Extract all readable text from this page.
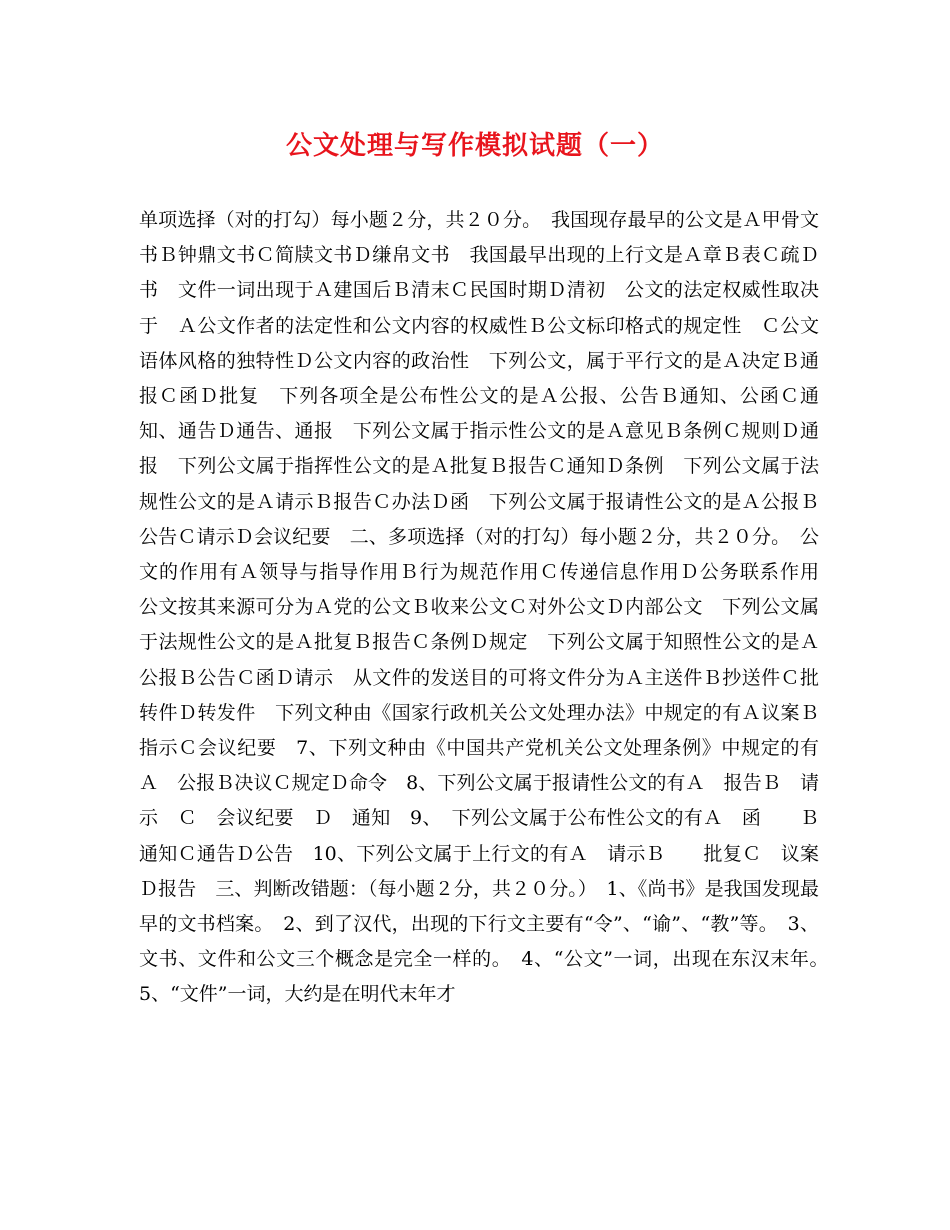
公文处理与写作模拟试题（一）

单项选择（对的打勾）每小题２分，共２０分。　我国现存最早的公文是Ａ甲骨文书Ｂ钟鼎文书Ｃ简牍文书Ｄ缣帛文书　我国最早出现的上行文是Ａ章Ｂ表Ｃ疏Ｄ书　文件一词出现于Ａ建国后Ｂ清末Ｃ民国时期Ｄ清初　公文的法定权威性取决于　Ａ公文作者的法定性和公文内容的权威性Ｂ公文标印格式的规定性　Ｃ公文语体风格的独特性Ｄ公文内容的政治性　下列公文，属于平行文的是Ａ决定Ｂ通报Ｃ函Ｄ批复　下列各项全是公布性公文的是Ａ公报、公告Ｂ通知、公函Ｃ通知、通告Ｄ通告、通报　下列公文属于指示性公文的是Ａ意见Ｂ条例Ｃ规则Ｄ通报　下列公文属于指挥性公文的是Ａ批复Ｂ报告Ｃ通知Ｄ条例　下列公文属于法规性公文的是Ａ请示Ｂ报告Ｃ办法Ｄ函　下列公文属于报请性公文的是Ａ公报Ｂ公告Ｃ请示Ｄ会议纪要　二、多项选择（对的打勾）每小题２分，共２０分。　公文的作用有Ａ领导与指导作用Ｂ行为规范作用Ｃ传递信息作用Ｄ公务联系作用　公文按其来源可分为Ａ党的公文Ｂ收来公文Ｃ对外公文Ｄ内部公文　下列公文属于法规性公文的是Ａ批复Ｂ报告Ｃ条例Ｄ规定　下列公文属于知照性公文的是Ａ公报Ｂ公告Ｃ函Ｄ请示　从文件的发送目的可将文件分为Ａ主送件Ｂ抄送件Ｃ批转件Ｄ转发件　下列文种由《国家行政机关公文处理办法》中规定的有Ａ议案Ｂ指示Ｃ会议纪要　7、下列文种由《中国共产党机关公文处理条例》中规定的有　Ａ　公报Ｂ决议Ｃ规定Ｄ命令　8、下列公文属于报请性公文的有Ａ　报告Ｂ　请示　Ｃ　会议纪要　Ｄ　通知　9、　下列公文属于公布性公文的有Ａ　函　　Ｂ通知Ｃ通告Ｄ公告　10、下列公文属于上行文的有Ａ　请示Ｂ　　批复Ｃ　议案　Ｄ报告　三、判断改错题：（每小题２分，共２０分。）　1、《尚书》是我国发现最早的文书档案。　2、到了汉代，出现的下行文主要有“令”、“谕”、“教”等。　3、文书、文件和公文三个概念是完全一样的。　4、“公文”一词，出现在东汉末年。　5、“文件”一词，大约是在明代末年才
